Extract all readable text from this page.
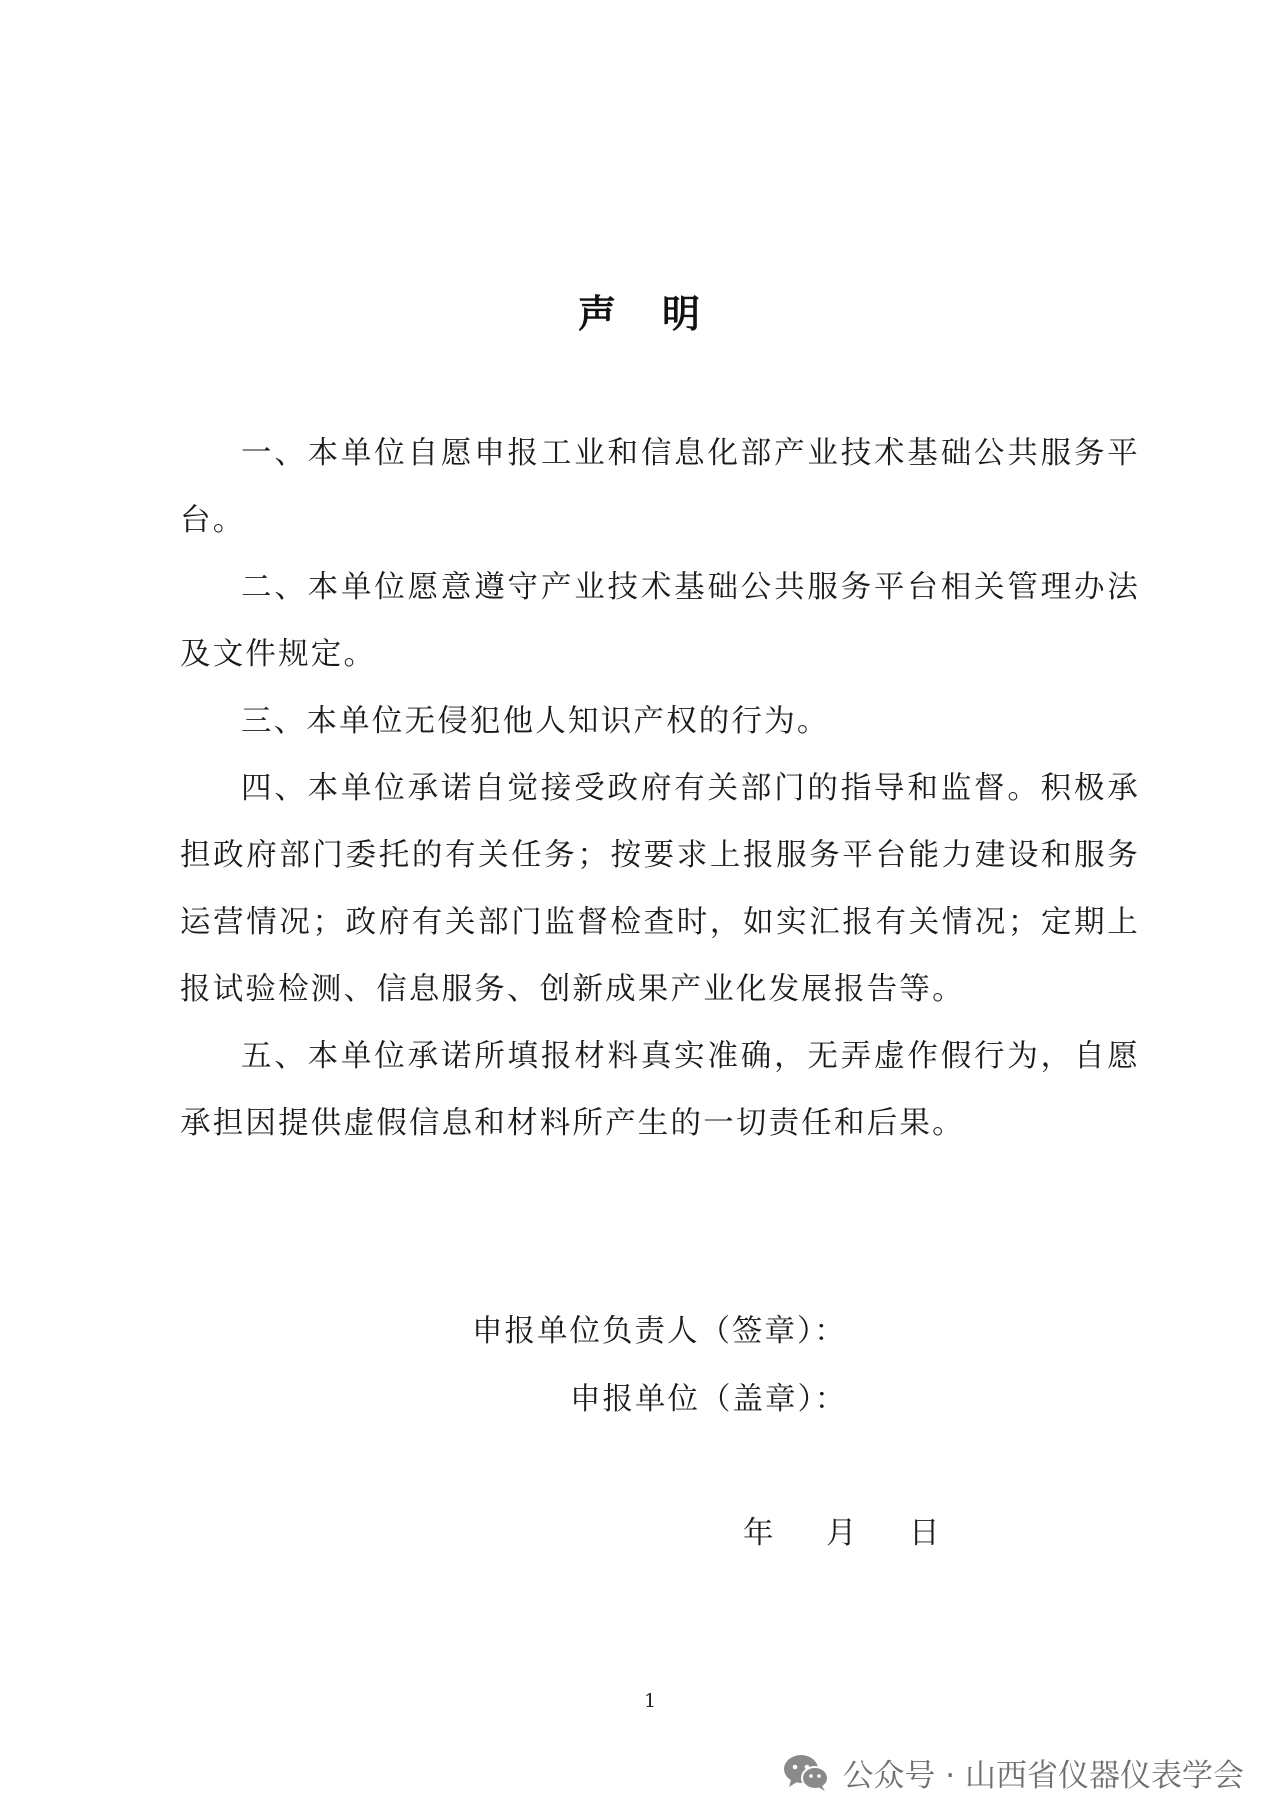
声 明

一、本单位自愿申报工业和信息化部产业技术基础公共服务平台。

二、本单位愿意遵守产业技术基础公共服务平台相关管理办法及文件规定。

三、本单位无侵犯他人知识产权的行为。

四、本单位承诺自觉接受政府有关部门的指导和监督。积极承担政府部门委托的有关任务；按要求上报服务平台能力建设和服务运营情况；政府有关部门监督检查时，如实汇报有关情况；定期上报试验检测、信息服务、创新成果产业化发展报告等。

五、本单位承诺所填报材料真实准确，无弄虚作假行为，自愿承担因提供虚假信息和材料所产生的一切责任和后果。

申报单位负责人（签章）：
申报单位（盖章）：
年 月 日
1
公众号 · 山西省仪器仪表学会
